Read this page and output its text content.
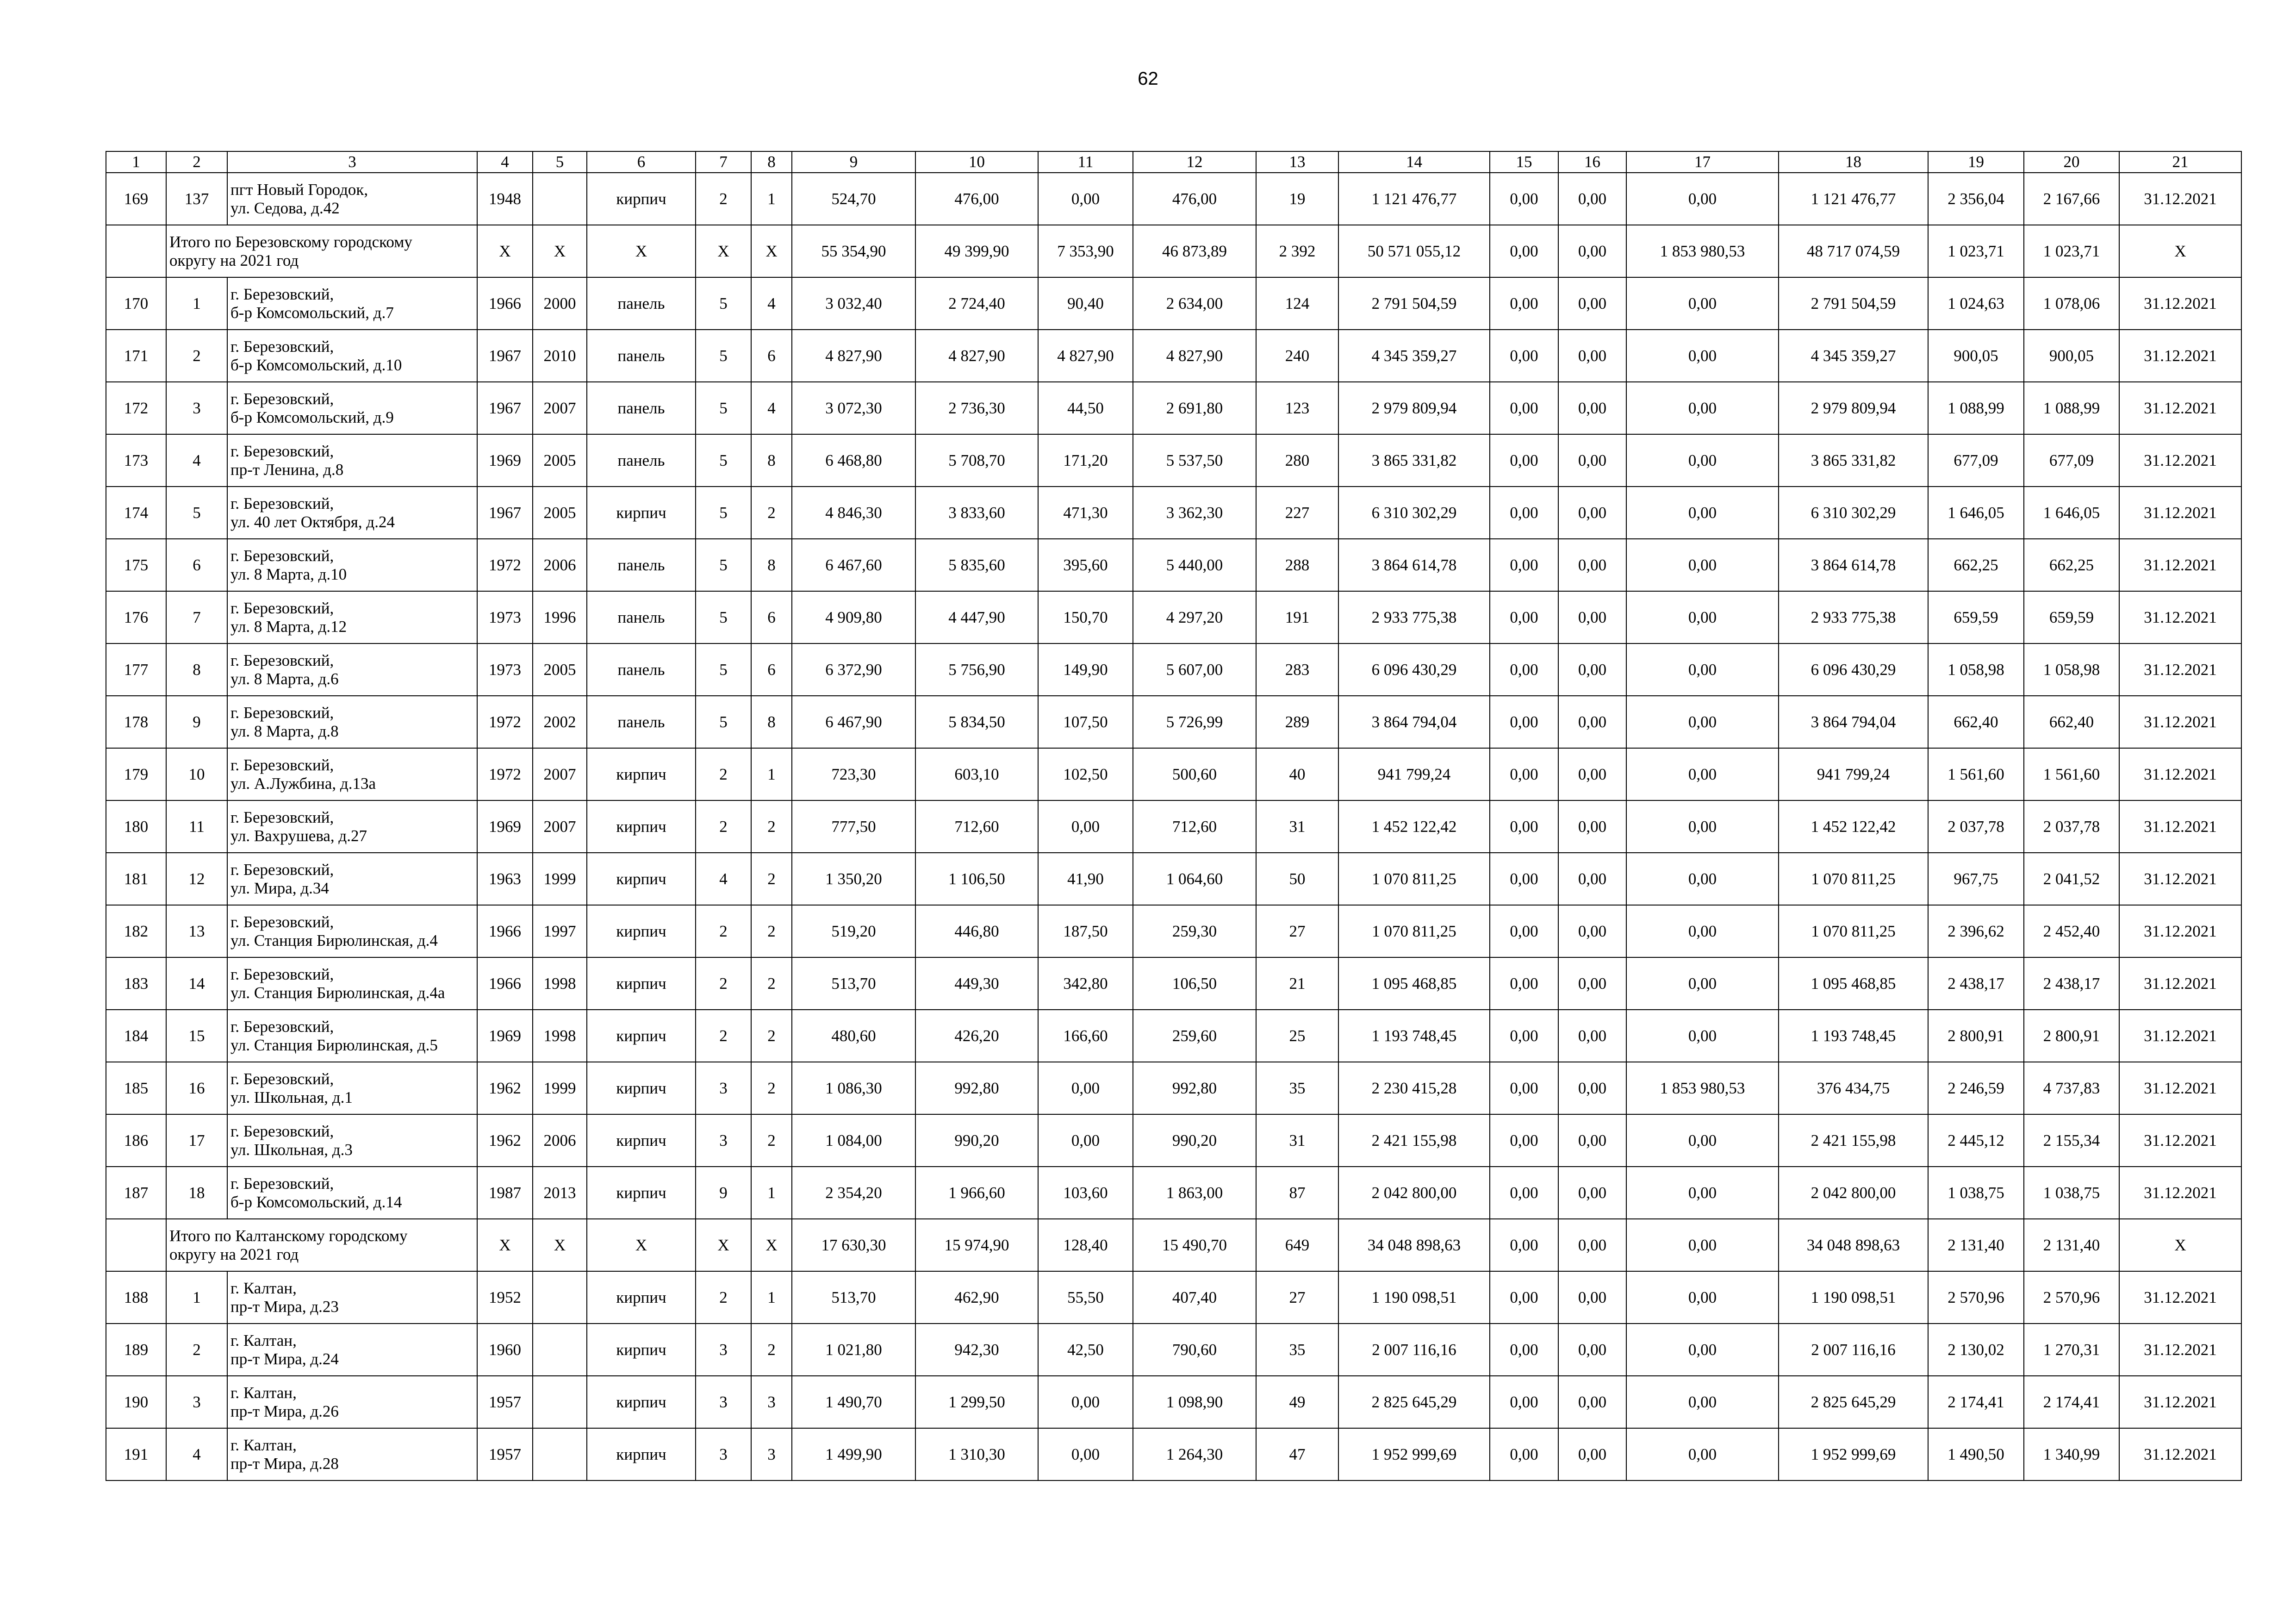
62
1	2	3	4	5	6	7	8	9	10	11	12	13	14	15	16	17	18	19	20	21
169	137	пгт Новый Городок,
ул. Седова, д.42	1948		кирпич	2	1	524,70	476,00	0,00	476,00	19	1 121 476,77	0,00	0,00	0,00	1 121 476,77	2 356,04	2 167,66	31.12.2021

	Итого по Березовскому городскому
округу на 2021 год		Х	Х	Х	Х	Х	55 354,90	49 399,90	7 353,90	46 873,89	2 392	50 571 055,12	0,00	0,00	1 853 980,53	48 717 074,59	1 023,71	1 023,71	Х
170	1	г. Березовский,
б-р Комсомольский, д.7	1966	2000	панель	5	4	3 032,40	2 724,40	90,40	2 634,00	124	2 791 504,59	0,00	0,00	0,00	2 791 504,59	1 024,63	1 078,06	31.12.2021
171	2	г. Березовский,
б-р Комсомольский, д.10	1967	2010	панель	5	6	4 827,90	4 827,90	4 827,90	4 827,90	240	4 345 359,27	0,00	0,00	0,00	4 345 359,27	900,05	900,05	31.12.2021
172	3	г. Березовский,
б-р Комсомольский, д.9	1967	2007	панель	5	4	3 072,30	2 736,30	44,50	2 691,80	123	2 979 809,94	0,00	0,00	0,00	2 979 809,94	1 088,99	1 088,99	31.12.2021
173	4	г. Березовский,
пр-т Ленина, д.8	1969	2005	панель	5	8	6 468,80	5 708,70	171,20	5 537,50	280	3 865 331,82	0,00	0,00	0,00	3 865 331,82	677,09	677,09	31.12.2021
174	5	г. Березовский,
ул. 40 лет Октября, д.24	1967	2005	кирпич	5	2	4 846,30	3 833,60	471,30	3 362,30	227	6 310 302,29	0,00	0,00	0,00	6 310 302,29	1 646,05	1 646,05	31.12.2021
175	6	г. Березовский,
ул. 8 Марта, д.10	1972	2006	панель	5	8	6 467,60	5 835,60	395,60	5 440,00	288	3 864 614,78	0,00	0,00	0,00	3 864 614,78	662,25	662,25	31.12.2021
176	7	г. Березовский,
ул. 8 Марта, д.12	1973	1996	панель	5	6	4 909,80	4 447,90	150,70	4 297,20	191	2 933 775,38	0,00	0,00	0,00	2 933 775,38	659,59	659,59	31.12.2021
177	8	г. Березовский,
ул. 8 Марта, д.6	1973	2005	панель	5	6	6 372,90	5 756,90	149,90	5 607,00	283	6 096 430,29	0,00	0,00	0,00	6 096 430,29	1 058,98	1 058,98	31.12.2021
178	9	г. Березовский,
ул. 8 Марта, д.8	1972	2002	панель	5	8	6 467,90	5 834,50	107,50	5 726,99	289	3 864 794,04	0,00	0,00	0,00	3 864 794,04	662,40	662,40	31.12.2021
179	10	г. Березовский,
ул. А.Лужбина, д.13а	1972	2007	кирпич	2	1	723,30	603,10	102,50	500,60	40	941 799,24	0,00	0,00	0,00	941 799,24	1 561,60	1 561,60	31.12.2021
180	11	г. Березовский,
ул. Вахрушева, д.27	1969	2007	кирпич	2	2	777,50	712,60	0,00	712,60	31	1 452 122,42	0,00	0,00	0,00	1 452 122,42	2 037,78	2 037,78	31.12.2021
181	12	г. Березовский,
ул. Мира, д.34	1963	1999	кирпич	4	2	1 350,20	1 106,50	41,90	1 064,60	50	1 070 811,25	0,00	0,00	0,00	1 070 811,25	967,75	2 041,52	31.12.2021
182	13	г. Березовский,
ул. Станция Бирюлинская, д.4	1966	1997	кирпич	2	2	519,20	446,80	187,50	259,30	27	1 070 811,25	0,00	0,00	0,00	1 070 811,25	2 396,62	2 452,40	31.12.2021
183	14	г. Березовский,
ул. Станция Бирюлинская, д.4а	1966	1998	кирпич	2	2	513,70	449,30	342,80	106,50	21	1 095 468,85	0,00	0,00	0,00	1 095 468,85	2 438,17	2 438,17	31.12.2021
184	15	г. Березовский,
ул. Станция Бирюлинская, д.5	1969	1998	кирпич	2	2	480,60	426,20	166,60	259,60	25	1 193 748,45	0,00	0,00	0,00	1 193 748,45	2 800,91	2 800,91	31.12.2021
185	16	г. Березовский,
ул. Школьная, д.1	1962	1999	кирпич	3	2	1 086,30	992,80	0,00	992,80	35	2 230 415,28	0,00	0,00	1 853 980,53	376 434,75	2 246,59	4 737,83	31.12.2021
186	17	г. Березовский,
ул. Школьная, д.3	1962	2006	кирпич	3	2	1 084,00	990,20	0,00	990,20	31	2 421 155,98	0,00	0,00	0,00	2 421 155,98	2 445,12	2 155,34	31.12.2021
187	18	г. Березовский,
б-р Комсомольский, д.14	1987	2013	кирпич	9	1	2 354,20	1 966,60	103,60	1 863,00	87	2 042 800,00	0,00	0,00	0,00	2 042 800,00	1 038,75	1 038,75	31.12.2021

	Итого по Калтанскому городскому
округу на 2021 год		Х	Х	Х	Х	Х	17 630,30	15 974,90	128,40	15 490,70	649	34 048 898,63	0,00	0,00	0,00	34 048 898,63	2 131,40	2 131,40	Х
188	1	г. Калтан,
пр-т Мира, д.23	1952		кирпич	2	1	513,70	462,90	55,50	407,40	27	1 190 098,51	0,00	0,00	0,00	1 190 098,51	2 570,96	2 570,96	31.12.2021
189	2	г. Калтан,
пр-т Мира, д.24	1960		кирпич	3	2	1 021,80	942,30	42,50	790,60	35	2 007 116,16	0,00	0,00	0,00	2 007 116,16	2 130,02	1 270,31	31.12.2021
190	3	г. Калтан,
пр-т Мира, д.26	1957		кирпич	3	3	1 490,70	1 299,50	0,00	1 098,90	49	2 825 645,29	0,00	0,00	0,00	2 825 645,29	2 174,41	2 174,41	31.12.2021
191	4	г. Калтан,
пр-т Мира, д.28	1957		кирпич	3	3	1 499,90	1 310,30	0,00	1 264,30	47	1 952 999,69	0,00	0,00	0,00	1 952 999,69	1 490,50	1 340,99	31.12.2021
